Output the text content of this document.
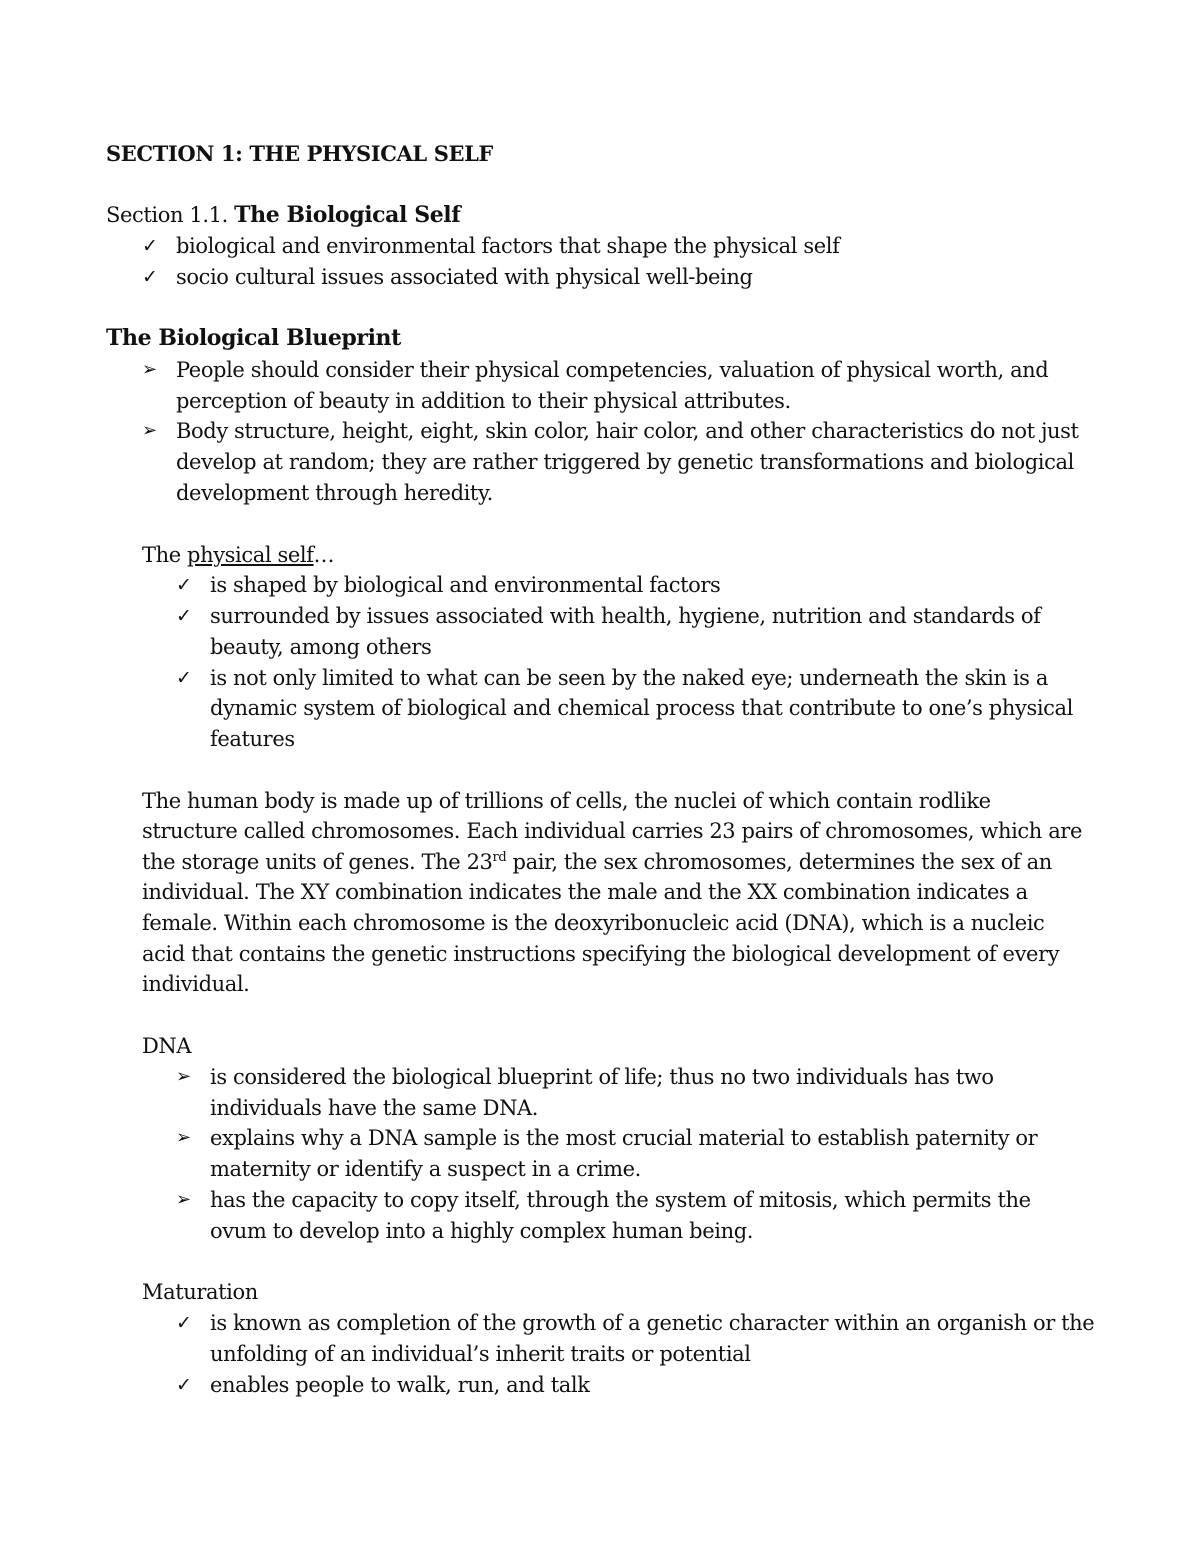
SECTION 1: THE PHYSICAL SELF
Section 1.1. The Biological Self
✓ biological and environmental factors that shape the physical self
✓ socio cultural issues associated with physical well-being
The Biological Blueprint
➢ People should consider their physical competencies, valuation of physical worth, and
perception of beauty in addition to their physical attributes.
➢ Body structure, height, eight, skin color, hair color, and other characteristics do not just
develop at random; they are rather triggered by genetic transformations and biological
development through heredity.
The physical self…
✓ is shaped by biological and environmental factors
✓ surrounded by issues associated with health, hygiene, nutrition and standards of
beauty, among others
✓ is not only limited to what can be seen by the naked eye; underneath the skin is a
dynamic system of biological and chemical process that contribute to one’s physical
features
The human body is made up of trillions of cells, the nuclei of which contain rodlike
structure called chromosomes. Each individual carries 23 pairs of chromosomes, which are
the storage units of genes. The 23rd pair, the sex chromosomes, determines the sex of an
individual. The XY combination indicates the male and the XX combination indicates a
female. Within each chromosome is the deoxyribonucleic acid (DNA), which is a nucleic
acid that contains the genetic instructions specifying the biological development of every
individual.
DNA
➢ is considered the biological blueprint of life; thus no two individuals has two
individuals have the same DNA.
➢ explains why a DNA sample is the most crucial material to establish paternity or
maternity or identify a suspect in a crime.
➢ has the capacity to copy itself, through the system of mitosis, which permits the
ovum to develop into a highly complex human being.
Maturation
✓ is known as completion of the growth of a genetic character within an organish or the
unfolding of an individual’s inherit traits or potential
✓ enables people to walk, run, and talk
